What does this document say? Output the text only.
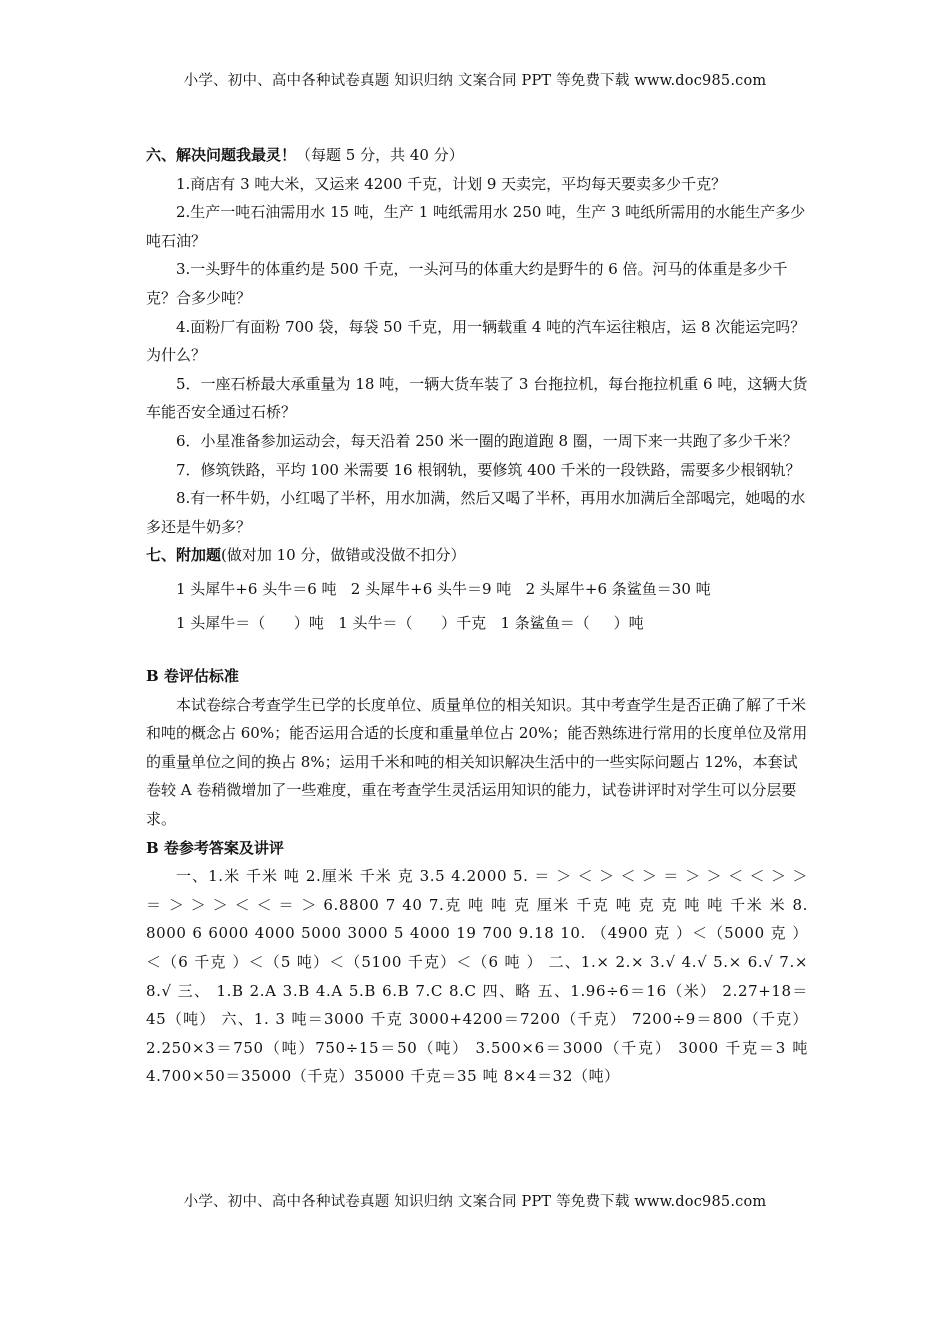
小学、初中、高中各种试卷真题 知识归纳 文案合同 PPT 等免费下载 www.doc985.com

六、解决问题我最灵！（每题 5 分，共 40 分）

1.商店有 3 吨大米，又运来 4200 千克，计划 9 天卖完，平均每天要卖多少千克？

2.生产一吨石油需用水 15 吨，生产 1 吨纸需用水 250 吨，生产 3 吨纸所需用的水能生产多少吨石油？

3.一头野牛的体重约是 500 千克，一头河马的体重大约是野牛的 6 倍。河马的体重是多少千克？合多少吨？

4.面粉厂有面粉 700 袋，每袋 50 千克，用一辆载重 4 吨的汽车运往粮店，运 8 次能运完吗？为什么？

5．一座石桥最大承重量为 18 吨，一辆大货车装了 3 台拖拉机，每台拖拉机重 6 吨，这辆大货车能否安全通过石桥？

6．小星准备参加运动会，每天沿着 250 米一圈的跑道跑 8 圈，一周下来一共跑了多少千米？

7．修筑铁路，平均 100 米需要 16 根钢轨，要修筑 400 千米的一段铁路，需要多少根钢轨？

8.有一杯牛奶，小红喝了半杯，用水加满，然后又喝了半杯，再用水加满后全部喝完，她喝的水多还是牛奶多？

七、附加题(做对加 10 分，做错或没做不扣分）

1 头犀牛+6 头牛＝6 吨   2 头犀牛+6 头牛＝9 吨   2 头犀牛+6 条鲨鱼＝30 吨

1 头犀牛＝（      ）吨   1 头牛＝（      ）千克   1 条鲨鱼＝（     ）吨

B 卷评估标准

本试卷综合考查学生已学的长度单位、质量单位的相关知识。其中考查学生是否正确了解了千米和吨的概念占 60%；能否运用合适的长度和重量单位占 20%；能否熟练进行常用的长度单位及常用的重量单位之间的换占 8%；运用千米和吨的相关知识解决生活中的一些实际问题占 12%，本套试卷较 A 卷稍微增加了一些难度，重在考查学生灵活运用知识的能力，试卷讲评时对学生可以分层要求。

B 卷参考答案及讲评

一、1.米 千米 吨 2.厘米 千米 克 3.5 4.2000 5. ＝ ＞ ＜ ＞ ＜ ＞ ＝ ＞ ＞ ＜ ＜ ＞ ＞ ＝ ＞ ＞ ＞ ＜ ＜ ＝ ＞ 6.8800 7 40 7.克 吨 吨 克 厘米 千克 吨 克 克 吨 吨 千米 米 8. 8000 6 6000 4000 5000 3000 5 4000 19 700 9.18 10. （4900 克 ）＜（5000 克 ）＜（6 千克 ）＜（5 吨）＜（5100 千克）＜（6 吨 ） 二、1.× 2.× 3.√ 4.√ 5.× 6.√ 7.× 8.√ 三、 1.B 2.A 3.B 4.A 5.B 6.B 7.C 8.C 四、略 五、1.96÷6＝16（米） 2.27+18＝45（吨） 六、1. 3 吨＝3000 千克 3000+4200＝7200（千克） 7200÷9＝800（千克） 2.250×3＝750（吨）750÷15＝50（吨） 3.500×6＝3000（千克） 3000 千克＝3 吨 4.700×50＝35000（千克）35000 千克＝35 吨 8×4＝32（吨）

小学、初中、高中各种试卷真题 知识归纳 文案合同 PPT 等免费下载 www.doc985.com
